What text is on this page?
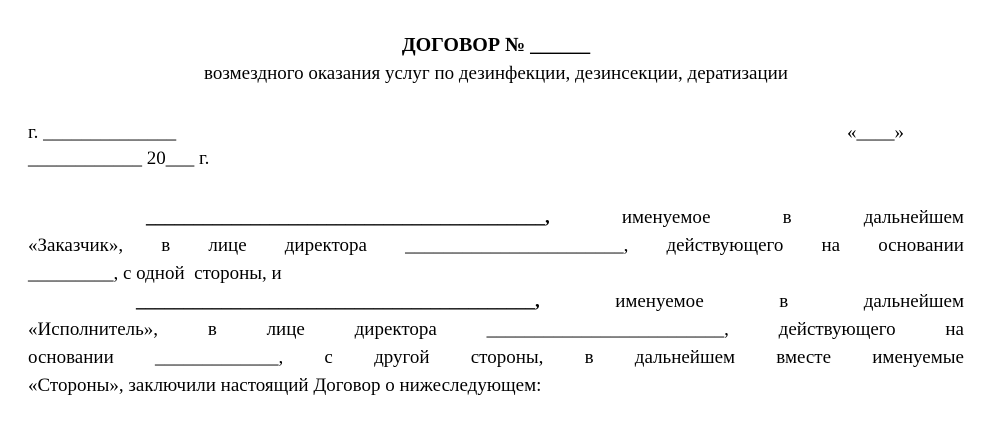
ДОГОВОР № ______
возмездного оказания услуг по дезинфекции, дезинсекции, дератизации
г. ______________	«____»
____________ 20___ г.
__________________________________________,	именуемое	в	дальнейшем
«Заказчик», в лице директора _______________________, действующего на основании
_________, с одной  стороны, и
__________________________________________,	именуемое	в	дальнейшем
«Исполнитель»,	в	лице	директора	_________________________,	действующего	на
основании _____________, с другой стороны, в дальнейшем вместе именуемые
«Стороны», заключили настоящий Договор о нижеследующем:
